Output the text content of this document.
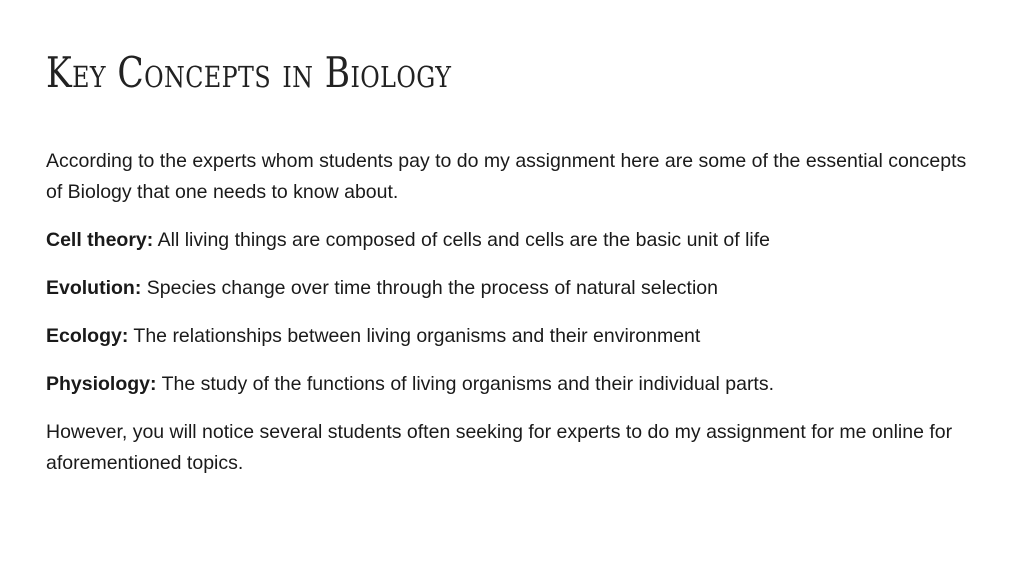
Key Concepts in Biology

According to the experts whom students pay to do my assignment here are some of the essential concepts of Biology that one needs to know about.

Cell theory: All living things are composed of cells and cells are the basic unit of life

Evolution: Species change over time through the process of natural selection

Ecology: The relationships between living organisms and their environment

Physiology: The study of the functions of living organisms and their individual parts.

However, you will notice several students often seeking for experts to do my assignment for me online for aforementioned topics.
